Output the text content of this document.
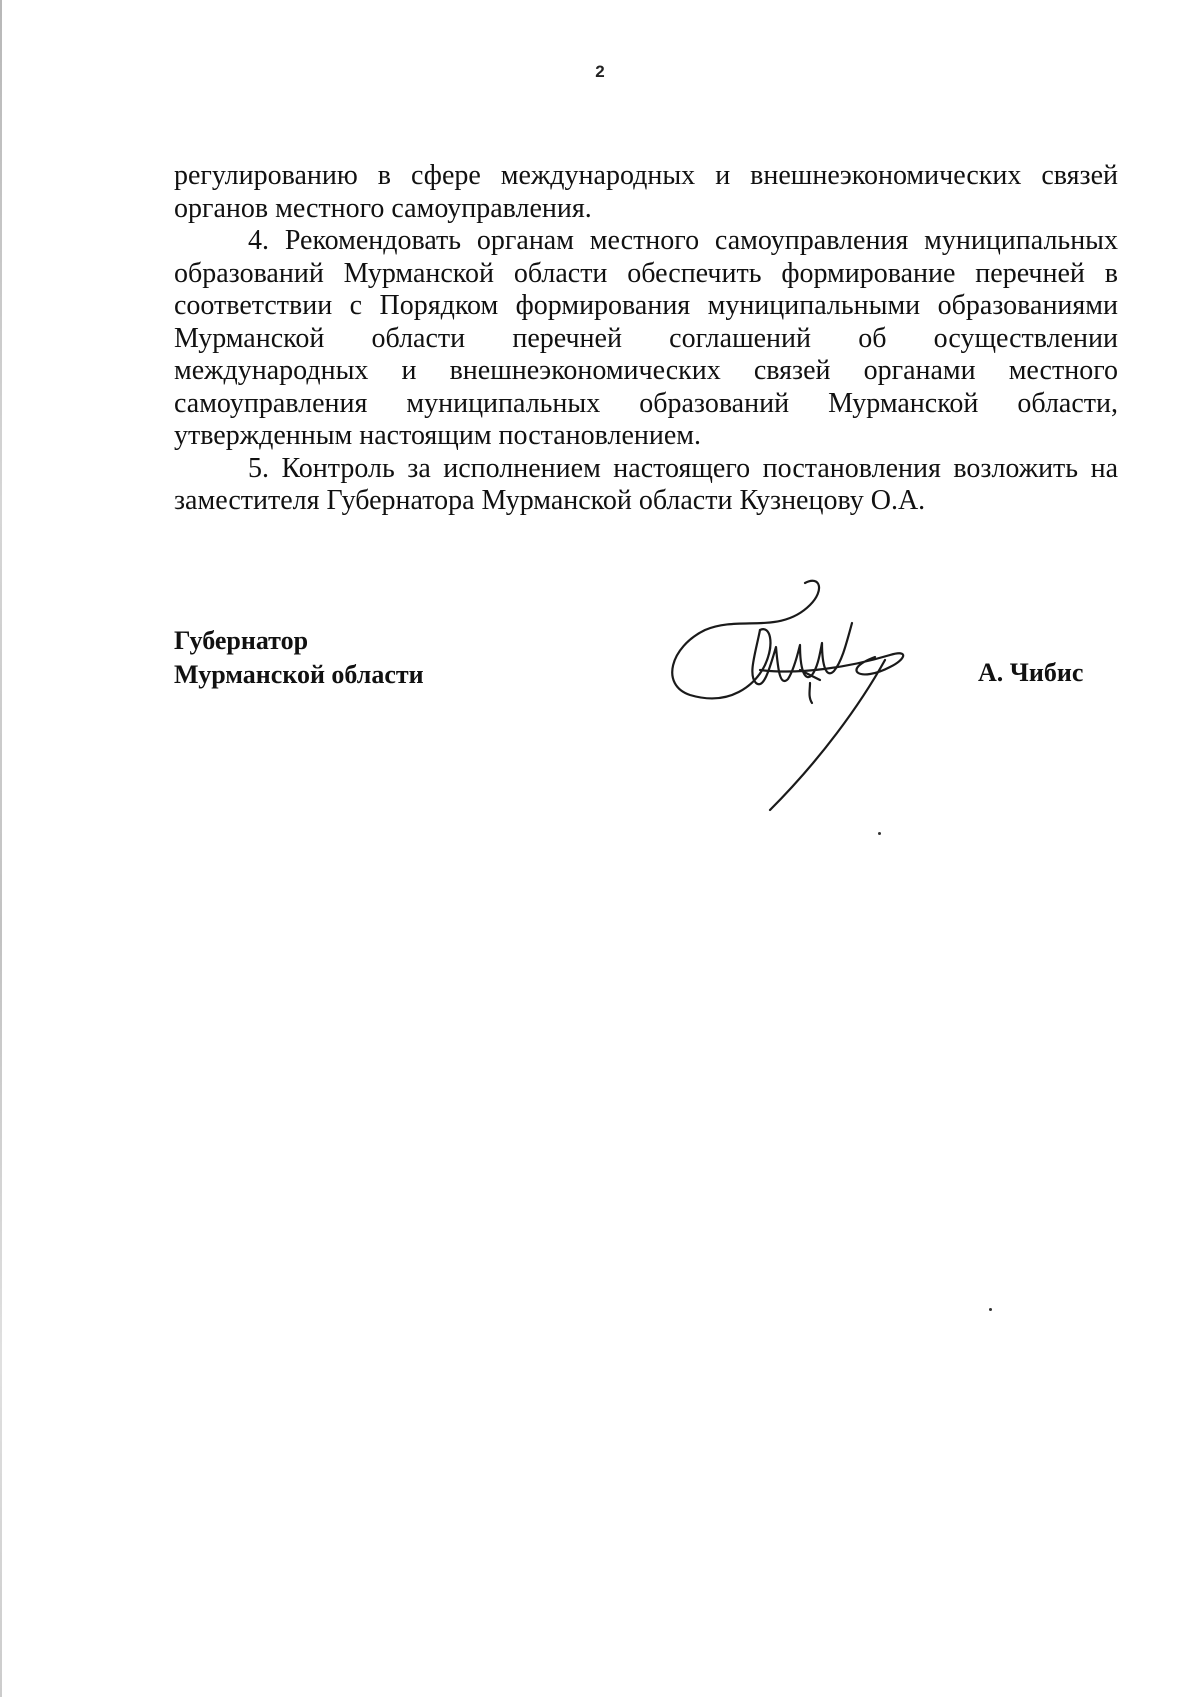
2

регулированию в сфере международных и внешнеэкономических связей органов местного самоуправления.

4. Рекомендовать органам местного самоуправления муниципальных образований Мурманской области обеспечить формирование перечней в соответствии с Порядком формирования муниципальными образованиями Мурманской области перечней соглашений об осуществлении международных и внешнеэкономических связей органами местного самоуправления муниципальных образований Мурманской области, утвержденным настоящим постановлением.

5. Контроль за исполнением настоящего постановления возложить на заместителя Губернатора Мурманской области Кузнецову О.А.

Губернатор
Мурманской области	А. Чибис
